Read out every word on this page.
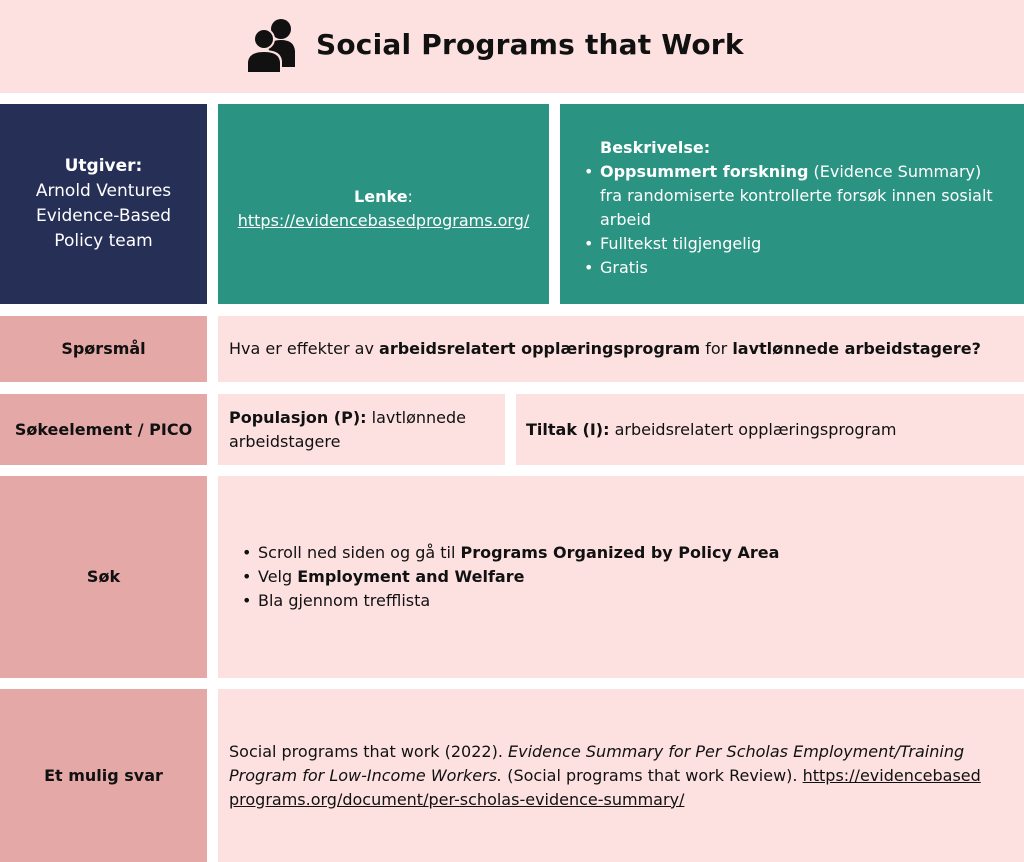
Social Programs that Work
Utgiver:
Arnold Ventures
Evidence-Based
Policy team
Lenke:
https://evidencebasedprograms.org/
Beskrivelse:
• Oppsummert forskning (Evidence Summary) fra randomiserte kontrollerte forsøk innen sosialt arbeid
• Fulltekst tilgjengelig
• Gratis
Spørsmål	Hva er effekter av arbeidsrelatert opplæringsprogram for lavtlønnede arbeidstagere?
Søkeelement / PICO
Populasjon (P): lavtlønnede arbeidstagere
Tiltak (I): arbeidsrelatert opplæringsprogram
Søk
• Scroll ned siden og gå til Programs Organized by Policy Area
• Velg Employment and Welfare
• Bla gjennom trefflista
Et mulig svar
Social programs that work (2022). Evidence Summary for Per Scholas Employment/Training Program for Low-Income Workers. (Social programs that work Review). https://evidencebasedprograms.org/document/per-scholas-evidence-summary/
